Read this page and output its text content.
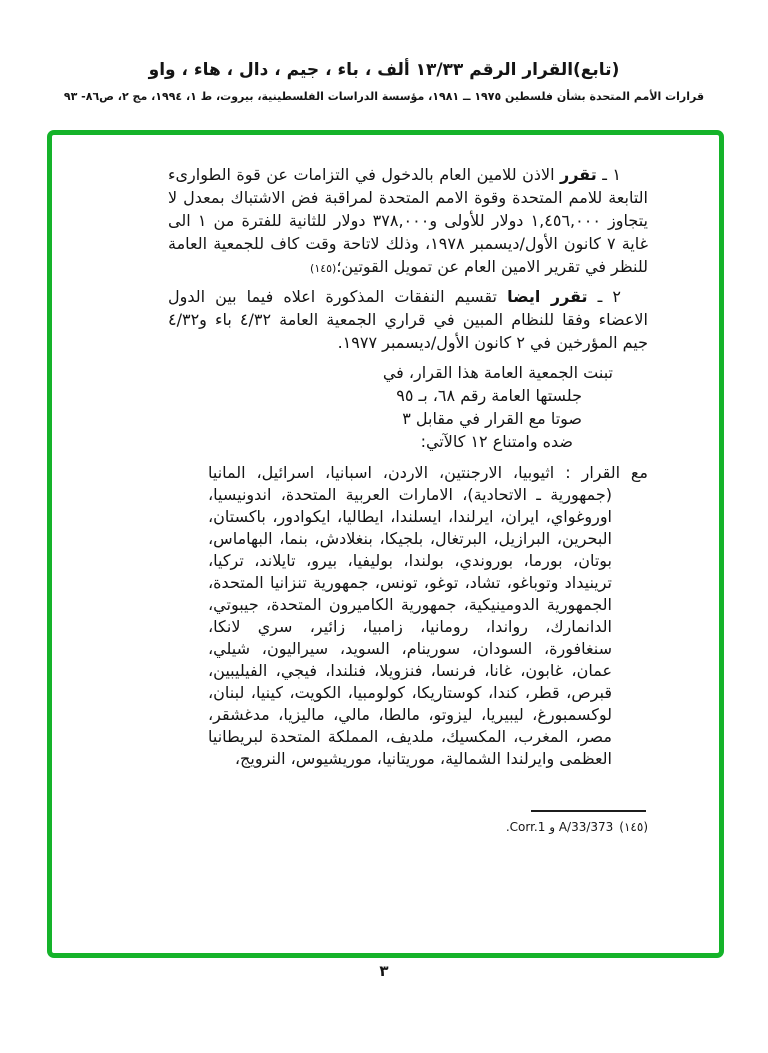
(تابع)القرار الرقم ١٣/٣٣ ألف ، باء ، جيم ، دال ، هاء ، واو
قرارات الأمم المتحدة بشأن فلسطين ١٩٧٥ ــ ١٩٨١، مؤسسة الدراسات الفلسطينية، بيروت، ط ١، ١٩٩٤، مج ٢، ص٨٦- ٩٣

١ ـ تقرر الاذن للامين العام بالدخول في التزامات عن قوة الطوارىء التابعة للامم المتحدة وقوة الامم المتحدة لمراقبة فض الاشتباك بمعدل لا يتجاوز ١,٤٥٦,٠٠٠ دولار للأولى و٣٧٨,٠٠٠ دولار للثانية للفترة من ١ الى غاية ٧ كانون الأول/ديسمبر ١٩٧٨، وذلك لاتاحة وقت كاف للجمعية العامة للنظر في تقرير الامين العام عن تمويل القوتين؛(١٤٥)

٢ ـ تقرر ايضا تقسيم النفقات المذكورة اعلاه فيما بين الدول الاعضاء وفقا للنظام المبين في قراري الجمعية العامة ٤/٣٢ باء و٤/٣٢ جيم المؤرخين في ٢ كانون الأول/ديسمبر ١٩٧٧.

تبنت الجمعية العامة هذا القرار، في
جلستها العامة رقم ٦٨، بـ ٩٥
صوتا مع القرار في مقابل ٣
ضده وامتناع ١٢ كالآتي:
مع القرار:اثيوبيا، الارجنتين، الاردن، اسبانيا، اسرائيل، المانيا (جمهورية ـ الاتحادية)، الامارات العربية المتحدة، اندونيسيا، اوروغواي، ايران، ايرلندا، ايسلندا، ايطاليا، ايكوادور، باكستان، البحرين، البرازيل، البرتغال، بلجيكا، بنغلادش، بنما، البهاماس، بوتان، بورما، بوروندي، بولندا، بوليفيا، بيرو، تايلاند، تركيا، ترينيداد وتوباغو، تشاد، توغو، تونس، جمهورية تنزانيا المتحدة، الجمهورية الدومينيكية، جمهورية الكاميرون المتحدة، جيبوتي، الدانمارك، رواندا، رومانيا، زامبيا، زائير، سري لانكا، سنغافورة، السودان، سورينام، السويد، سيراليون، شيلي، عمان، غابون، غانا، فرنسا، فنزويلا، فنلندا، فيجي، الفيليبين، قبرص، قطر، كندا، كوستاريكا، كولومبيا، الكويت، كينيا، لبنان، لوكسمبورغ، ليبيريا، ليزوتو، مالطا، مالي، ماليزيا، مدغشقر، مصر، المغرب، المكسيك، ملديف، المملكة المتحدة لبريطانيا العظمى وايرلندا الشمالية، موريتانيا، موريشيوس، النرويج،
(١٤٥)A/33/373 و Corr.1.
٣
